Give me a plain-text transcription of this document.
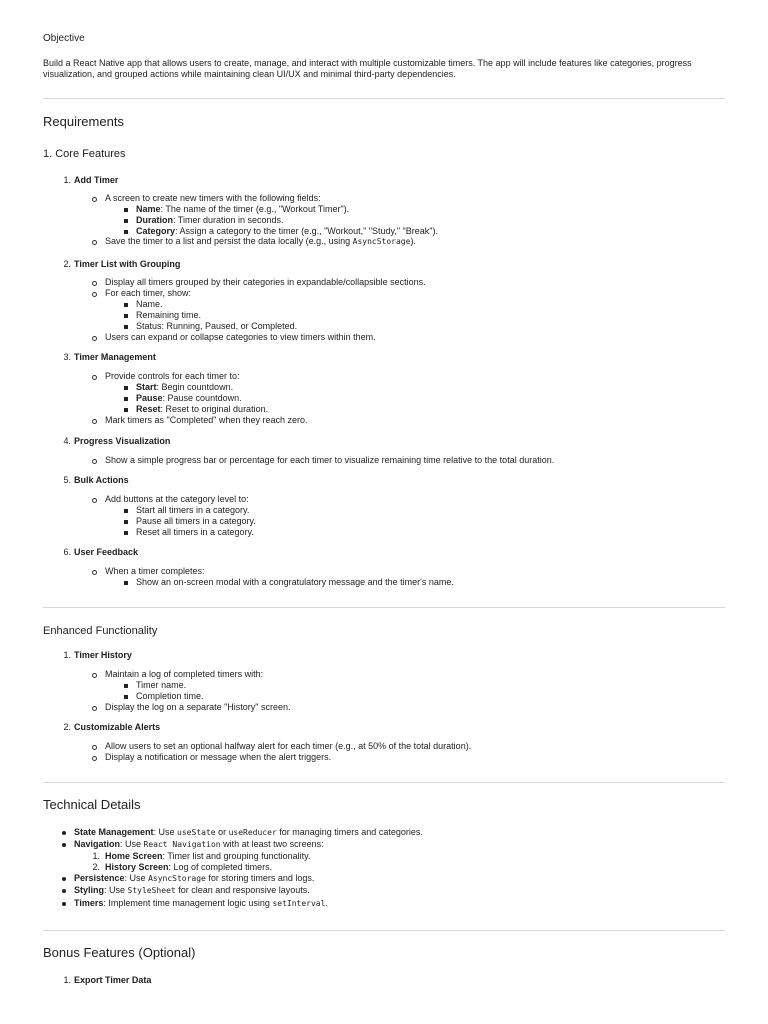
Objective
Build a React Native app that allows users to create, manage, and interact with multiple customizable timers. The app will include features like categories, progress visualization, and grouped actions while maintaining clean UI/UX and minimal third-party dependencies.
Requirements
1. Core Features
1. Add Timer
A screen to create new timers with the following fields:
Name: The name of the timer (e.g., "Workout Timer").
Duration: Timer duration in seconds.
Category: Assign a category to the timer (e.g., "Workout," "Study," "Break").
Save the timer to a list and persist the data locally (e.g., using AsyncStorage).
2. Timer List with Grouping
Display all timers grouped by their categories in expandable/collapsible sections.
For each timer, show:
Name.
Remaining time.
Status: Running, Paused, or Completed.
Users can expand or collapse categories to view timers within them.
3. Timer Management
Provide controls for each timer to:
Start: Begin countdown.
Pause: Pause countdown.
Reset: Reset to original duration.
Mark timers as "Completed" when they reach zero.
4. Progress Visualization
Show a simple progress bar or percentage for each timer to visualize remaining time relative to the total duration.
5. Bulk Actions
Add buttons at the category level to:
Start all timers in a category.
Pause all timers in a category.
Reset all timers in a category.
6. User Feedback
When a timer completes:
Show an on-screen modal with a congratulatory message and the timer's name.
Enhanced Functionality
1. Timer History
Maintain a log of completed timers with:
Timer name.
Completion time.
Display the log on a separate "History" screen.
2. Customizable Alerts
Allow users to set an optional halfway alert for each timer (e.g., at 50% of the total duration).
Display a notification or message when the alert triggers.
Technical Details
State Management: Use useState or useReducer for managing timers and categories.
Navigation: Use React Navigation with at least two screens:
1. Home Screen: Timer list and grouping functionality.
2. History Screen: Log of completed timers.
Persistence: Use AsyncStorage for storing timers and logs.
Styling: Use StyleSheet for clean and responsive layouts.
Timers: Implement time management logic using setInterval.
Bonus Features (Optional)
1. Export Timer Data
